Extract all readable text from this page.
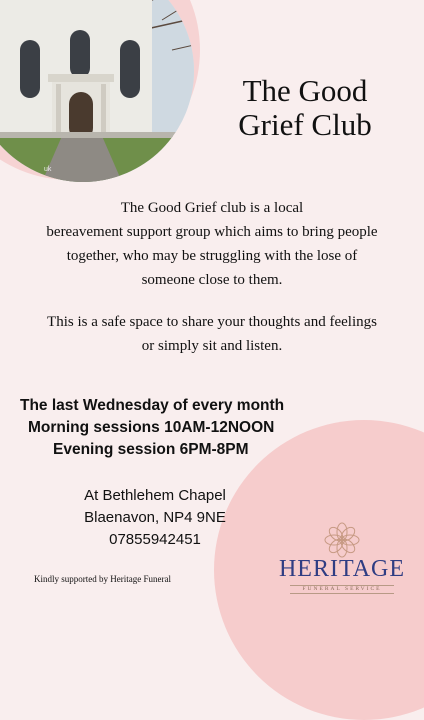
uk
The Good
Grief Club
The Good Grief club is a local
bereavement support group which aims to bring people
together, who may be struggling with the lose of
someone close to them.
This is a safe space to share your thoughts and feelings
or simply sit and listen.
The last Wednesday of every month
Morning sessions 10AM-12NOON
Evening session 6PM-8PM
At Bethlehem Chapel
Blaenavon, NP4 9NE
07855942451
Kindly supported by Heritage Funeral	HERITAGE
FUNERAL SERVICE
